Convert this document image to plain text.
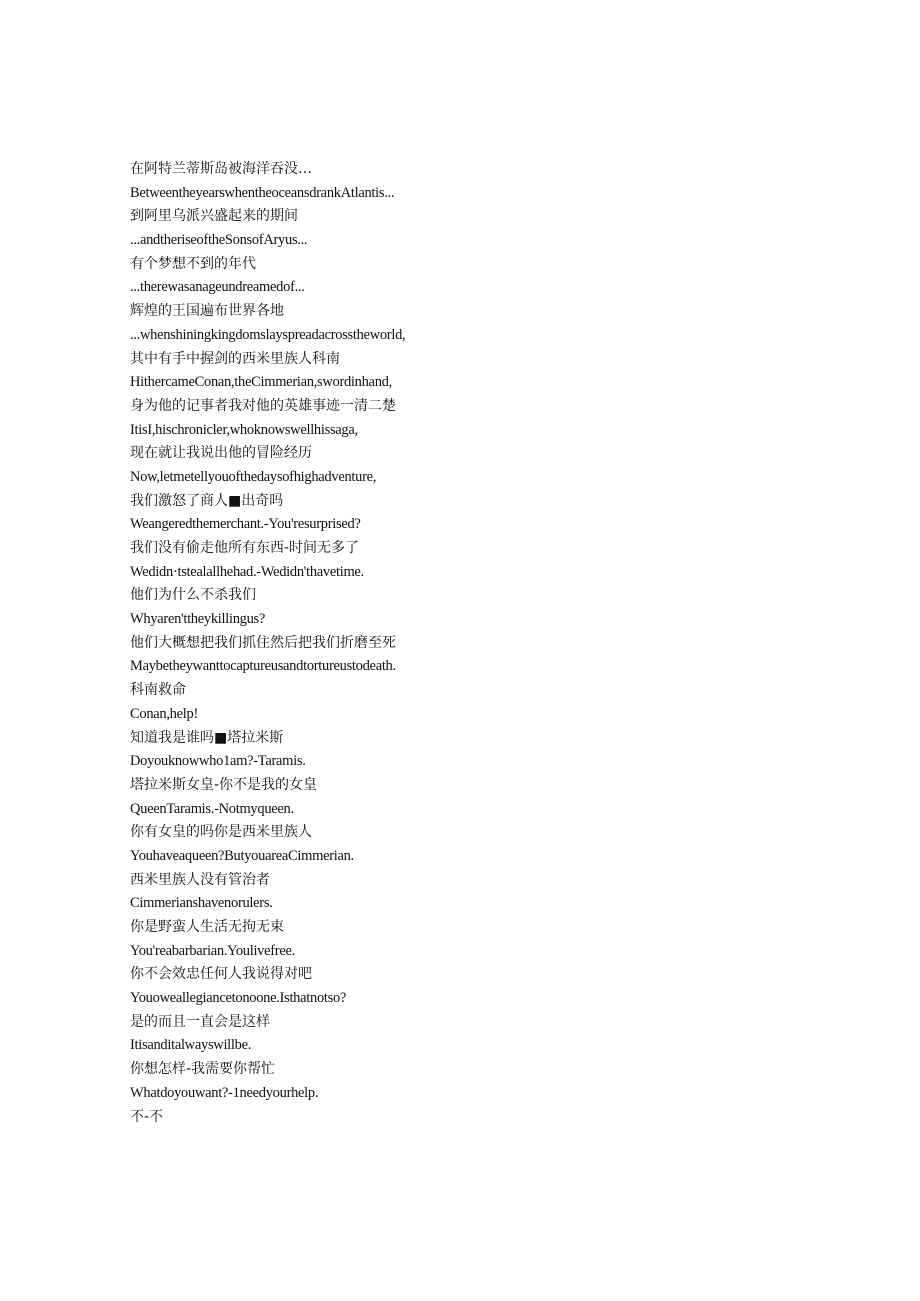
在阿特兰蒂斯岛被海洋吞没…
BetweentheyearswhentheoceansdrankAtlantis...
到阿里乌派兴盛起来的期间
...andtheriseoftheSonsofAryus...
有个梦想不到的年代
...therewasanageundreamedof...
辉煌的王国遍布世界各地
...whenshiningkingdomslayspreadacrosstheworld,
其中有手中握剑的西米里族人科南
HithercameConan,theCimmerian,swordinhand,
身为他的记事者我对他的英雄事迹一清二楚
ItisI,hischronicler,whoknowswellhissaga,
现在就让我说出他的冒险经历
Now,letmetellyouofthedaysofhighadventure,
我们激怒了商人■出奇吗
Weangeredthemerchant.-You'resurprised?
我们没有偷走他所有东西-时间无多了
Wedidn·tstealallhehad.-Wedidn'thavetime.
他们为什么不杀我们
Whyaren'ttheykillingus?
他们大概想把我们抓住然后把我们折磨至死
Maybetheywanttocaptureusandtortureustodeath.
科南救命
Conan,help!
知道我是谁吗■塔拉米斯
Doyouknowwho1am?-Taramis.
塔拉米斯女皇-你不是我的女皇
QueenTaramis.-Notmyqueen.
你有女皇的吗你是西米里族人
Youhaveaqueen?ButyouareaCimmerian.
西米里族人没有管治者
Cimmerianshavenorulers.
你是野蛮人生活无拘无束
You'reabarbarian.Youlivefree.
你不会效忠任何人我说得对吧
Youoweallegiancetonoone.Isthatnotso?
是的而且一直会是这样
Itisanditalwayswillbe.
你想怎样-我需要你帮忙
Whatdoyouwant?-1needyourhelp.
不-不
